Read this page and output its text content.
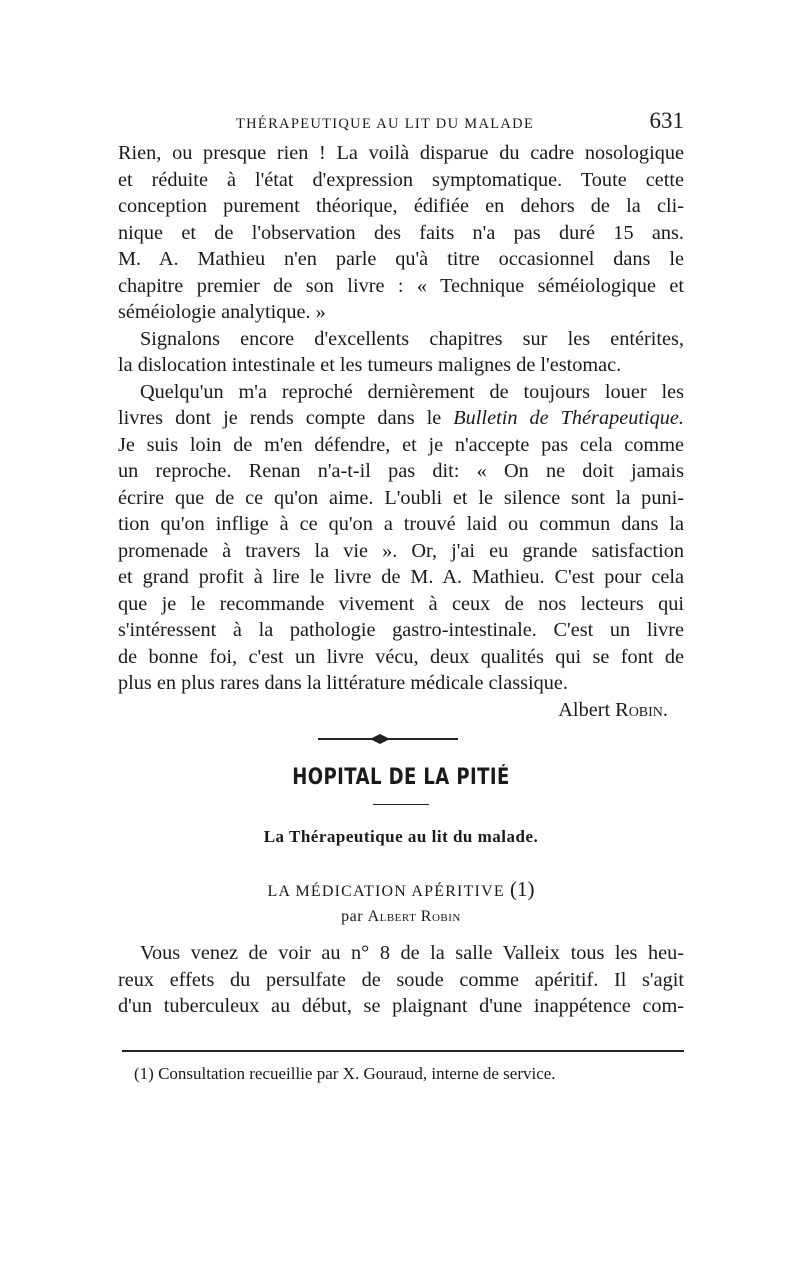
THÉRAPEUTIQUE AU LIT DU MALADE	631

Rien, ou presque rien ! La voilà disparue du cadre nosologique
et réduite à l'état d'expression symptomatique. Toute cette
conception purement théorique, édifiée en dehors de la cli-
nique et de l'observation des faits n'a pas duré 15 ans.
M. A. Mathieu n'en parle qu'à titre occasionnel dans le
chapitre premier de son livre : « Technique séméiologique et
séméiologie analytique. »

Signalons encore d'excellents chapitres sur les entérites,
la dislocation intestinale et les tumeurs malignes de l'estomac.

Quelqu'un m'a reproché dernièrement de toujours louer les
livres dont je rends compte dans le Bulletin de Thérapeutique.
Je suis loin de m'en défendre, et je n'accepte pas cela comme
un reproche. Renan n'a-t-il pas dit: « On ne doit jamais
écrire que de ce qu'on aime. L'oubli et le silence sont la puni-
tion qu'on inflige à ce qu'on a trouvé laid ou commun dans la
promenade à travers la vie ». Or, j'ai eu grande satisfaction
et grand profit à lire le livre de M. A. Mathieu. C'est pour cela
que je le recommande vivement à ceux de nos lecteurs qui
s'intéressent à la pathologie gastro-intestinale. C'est un livre
de bonne foi, c'est un livre vécu, deux qualités qui se font de
plus en plus rares dans la littérature médicale classique.

Albert Robin.
HOPITAL DE LA PITIÉ
La Thérapeutique au lit du malade.
LA MÉDICATION APÉRITIVE (1)
par Albert Robin

Vous venez de voir au n° 8 de la salle Valleix tous les heu-
reux effets du persulfate de soude comme apéritif. Il s'agit
d'un tuberculeux au début, se plaignant d'une inappétence com-

(1) Consultation recueillie par X. Gouraud, interne de service.
